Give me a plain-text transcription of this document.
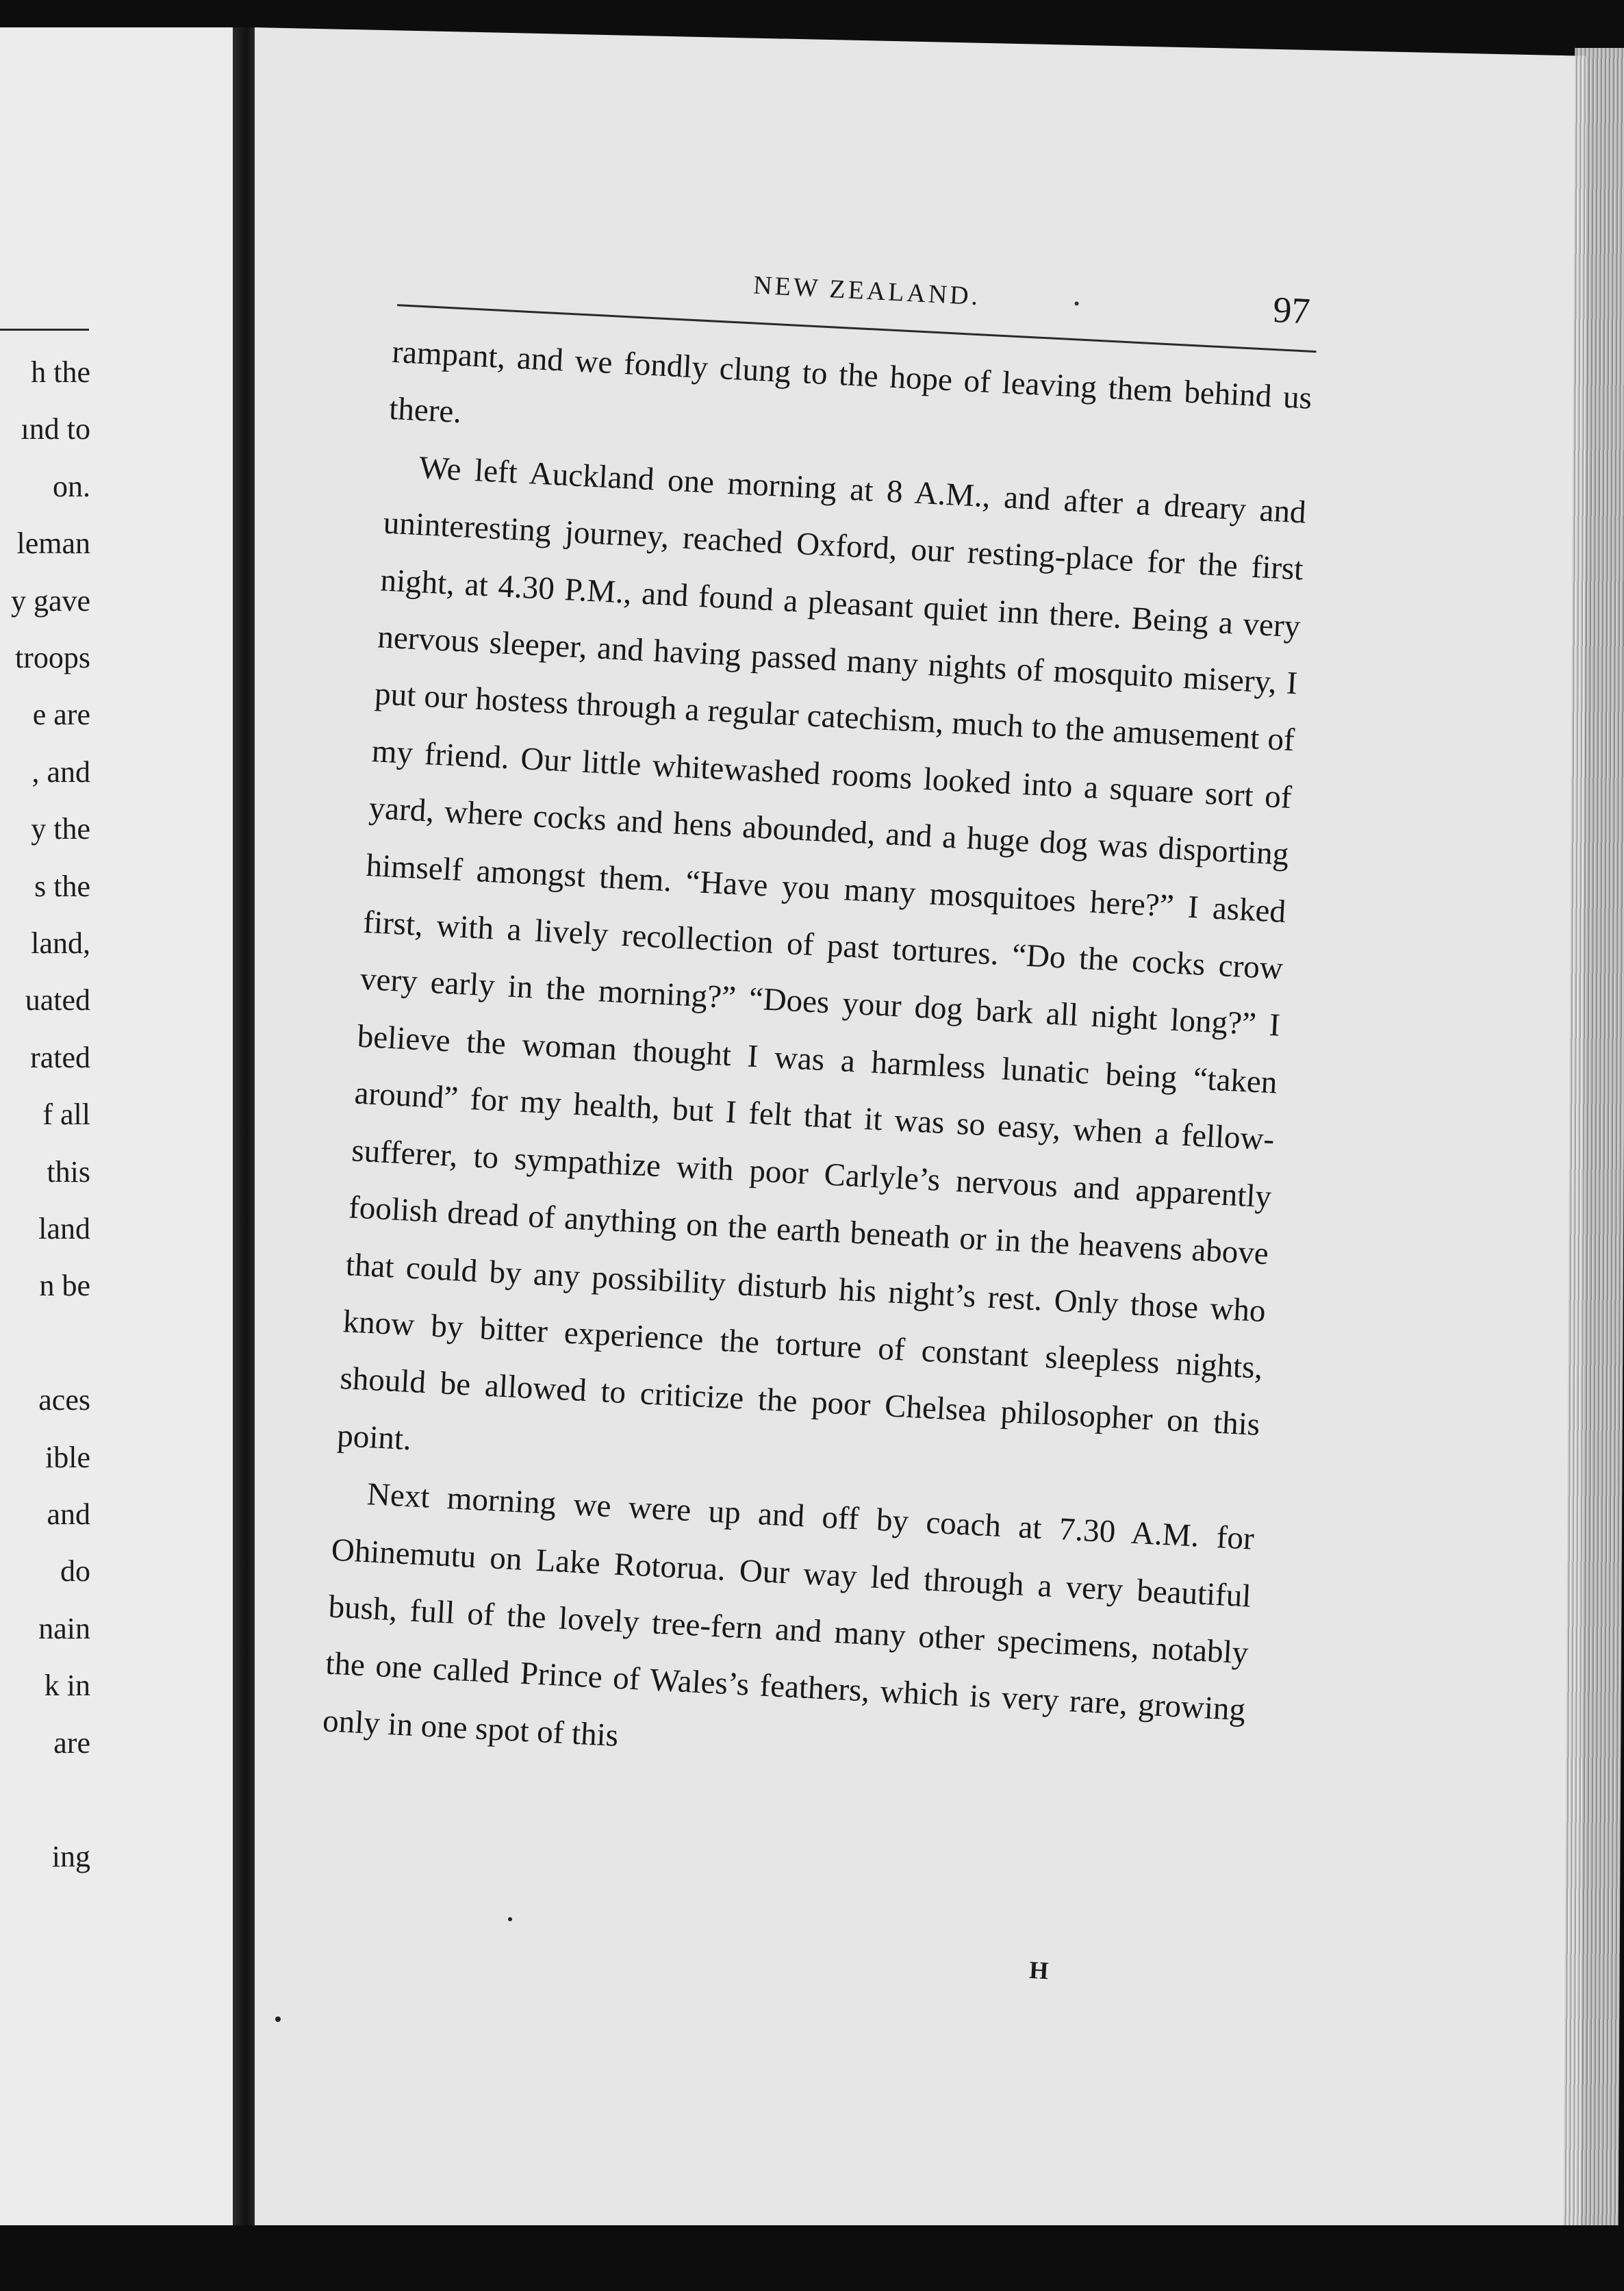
h the
ınd to
on.
leman
y gave
troops
e are
, and
y the
s the
land,
uated
rated
f all
this
land
n be
aces
ible
and
do
nain
k in
are
ing
NEW ZEALAND.	97

rampant, and we fondly clung to the hope of leaving them behind us there.

We left Auckland one morning at 8 A.M., and after a dreary and uninteresting journey, reached Oxford, our resting-place for the first night, at 4.30 P.M., and found a pleasant quiet inn there. Being a very nervous sleeper, and having passed many nights of mosquito misery, I put our hostess through a regular catechism, much to the amusement of my friend. Our little whitewashed rooms looked into a square sort of yard, where cocks and hens abounded, and a huge dog was disporting himself amongst them. “Have you many mosquitoes here?” I asked first, with a lively recollection of past tortures. “Do the cocks crow very early in the morning?” “Does your dog bark all night long?” I believe the woman thought I was a harmless lunatic being “taken around” for my health, but I felt that it was so easy, when a fellow-sufferer, to sympathize with poor Carlyle’s nervous and apparently foolish dread of anything on the earth beneath or in the heavens above that could by any possibility disturb his night’s rest. Only those who know by bitter experience the torture of constant sleepless nights, should be allowed to criticize the poor Chelsea philosopher on this point.

Next morning we were up and off by coach at 7.30 A.M. for Ohinemutu on Lake Rotorua. Our way led through a very beautiful bush, full of the lovely tree-fern and many other specimens, notably the one called Prince of Wales’s feathers, which is very rare, growing only in one spot of this

H
